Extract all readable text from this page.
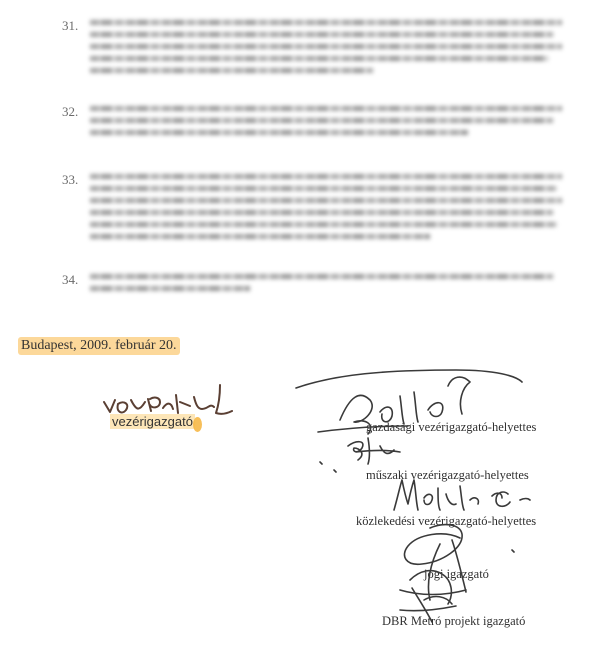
31.
32.
33.
34.
Budapest, 2009. február 20.
vezérigazgató	gazdasági vezérigazgató-helyettes
műszaki vezérigazgató-helyettes
közlekedési vezérigazgató-helyettes
jogi igazgató
DBR Metró projekt igazgató
